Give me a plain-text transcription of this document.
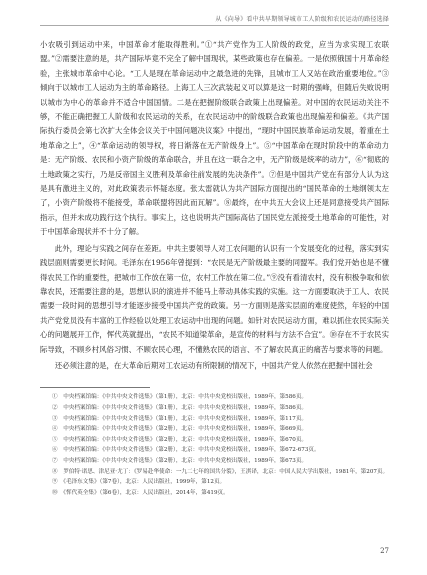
从《向导》看中共早期领导城市工人阶级和农民运动的路径选择

小农吸引到运动中来，中国革命才能取得胜利。”①“共产党作为工人阶级的政党，应当为求实现工农联盟。”②需要注意的是，共产国际毕竟不完全了解中国现状，某些政策也存在偏差。一是依照俄国十月革命经验，主张城市革命中心论。“工人是现在革命运动中之最急进的先锋，且城市工人又站在政治重要地位。”③倾向于以城市工人运动为主的革命路径。上海工人三次武装起义可以算是这一时期的强峰，但随后失败说明以城市为中心的革命并不适合中国国情。二是在把握阶级联合政策上出现偏差。对中国的农民运动关注不够，不能正确把握工人阶级和农民运动的关系，在农民运动中的阶级联合政策也出现偏差和偏差。《共产国际执行委员会第七次扩大全体会议关于中国问题决议案》中提出，“现时中国民族革命运动发展，着重在土地革命之上”，④“革命运动的领导权，将日渐落在无产阶级身上”。⑤“中国革命在现时阶段中的革命动力是：无产阶级、农民和小资产阶级的革命联合，并且在这一联合之中，无产阶级是统率的动力”，⑥“彻底的土地政策之实行，乃是反帝国主义胜利及革命往前发展的先决条件”。⑦但是中国共产党在有部分人认为这是具有激进主义的，对此政策表示怀疑态度。张太雷就认为共产国际方面提出的“国民革命的土地纲领太左了，小资产阶级将不能接受，革命联盟将因此而瓦解”。⑧最终，在中共五大会议上还是同意接受共产国际指示，但并未成功践行这个执行。事实上，这也说明共产国际高估了国民党左派接受土地革命的可能性，对于中国革命现状并不十分了解。

此外，理论与实践之间存在差距。中共主要领导人对工农问题的认识有一个发展变化的过程，落实到实践层面则需要更长时间。毛泽东在1956年曾提到：“农民是无产阶级最主要的同盟军。我们党开始也是不懂得农民工作的重要性，把城市工作放在第一位，农村工作放在第二位。”⑨没有看清农村，没有积极争取和依靠农民，还需要注意的是，思想认识的演进并不能马上带动具体实践的实施。这一方面要取决于工人、农民需要一段时间的思想引导才能逐步接受中国共产党的政策。另一方面则是落实层面的难度使然，年轻的中国共产党党员没有丰富的工作经验以处理工农运动中出现的问题。如针对农民运动方面，难以抓住农民实际关心的问题展开工作，恽代英就提出，“农民不知道梁革命，是宣传的材料与方法不合宜”。⑩存在不于农民实际导致，不顾乡村风俗习惯、不顾农民心理，不懂熟农民的语言、不了解农民真正的痛苦与要求等的问题。

还必须注意的是，在大革命后期对工农运动有所限制的情况下，中国共产党人依然在把握中国社会

①　中央档案馆编：《中共中央文件选集》（第1册），北京：中共中央党校出版社，1989年，第586页。
②　中央档案馆编：《中共中央文件选集》（第1册），北京：中共中央党校出版社，1989年，第586页。
③　中央档案馆编：《中共中央文件选集》（第1册），北京：中共中央党校出版社，1989年，第117页。
④　中央档案馆编：《中共中央文件选集》（第2册），北京：中共中央党校出版社，1989年，第669页。
⑤　中央档案馆编：《中共中央文件选集》（第2册），北京：中共中央党校出版社，1989年，第670页。
⑥　中央档案馆编：《中共中央文件选集》（第2册），北京：中共中央党校出版社，1989年，第672-673页。
⑦　中央档案馆编：《中共中央文件选集》（第2册），北京：中共中央党校出版社，1989年，第673页。
⑧　罗伯特·诺思、津尼亚·尤丁：《罗易赴华使命：一九二七年的国共分裂》，王淇译，北京：中国人民大学出版社，1981年，第207页。
⑨　《毛泽东文集》（第7卷），北京：人民出版社，1999年，第12页。
⑩　《恽代英全集》（第6卷），北京：人民出版社，2014年，第419页。
27
